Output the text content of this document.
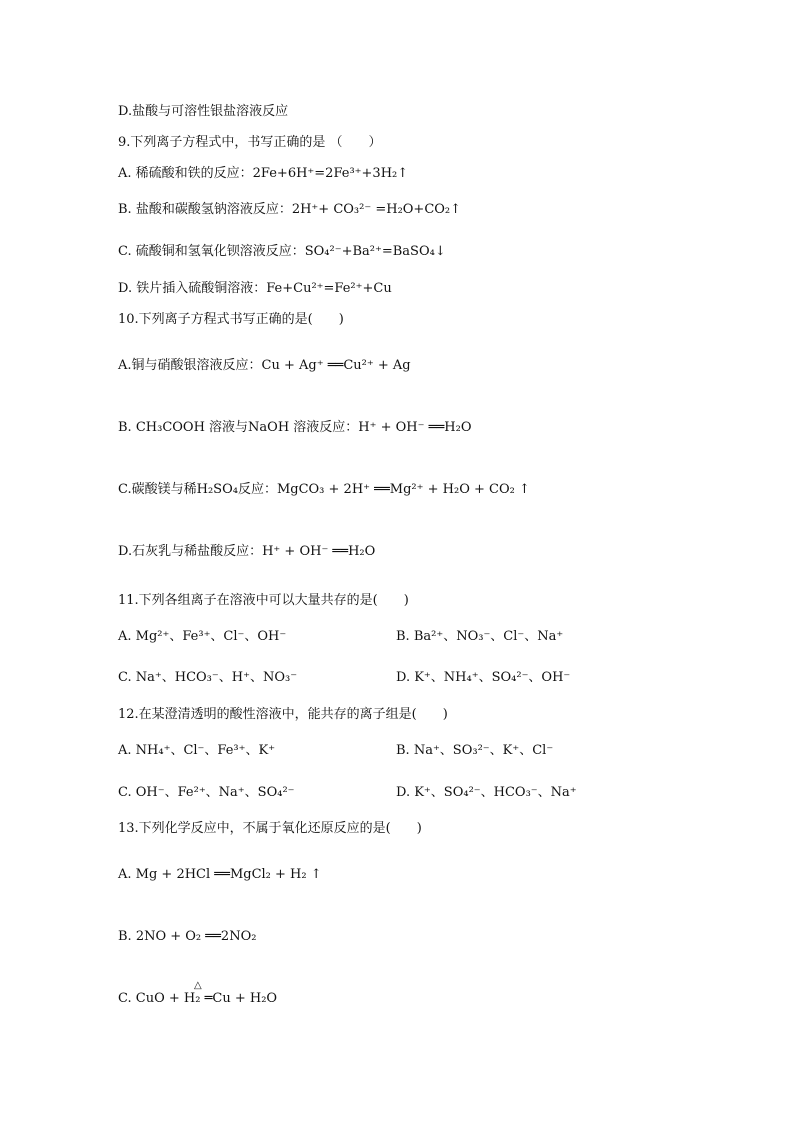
D.盐酸与可溶性银盐溶液反应
9.下列离子方程式中，书写正确的是 （　　）
A. 稀硫酸和铁的反应：2Fe+6H⁺=2Fe³⁺+3H₂↑
B. 盐酸和碳酸氢钠溶液反应：2H⁺+ CO₃²⁻ =H₂O+CO₂↑
C. 硫酸铜和氢氧化钡溶液反应：SO₄²⁻+Ba²⁺=BaSO₄↓
D. 铁片插入硫酸铜溶液：Fe+Cu²⁺=Fe²⁺+Cu
10.下列离子方程式书写正确的是(　　)
A.铜与硝酸银溶液反应：Cu + Ag⁺ ══Cu²⁺ + Ag
B. CH₃COOH 溶液与NaOH 溶液反应：H⁺ + OH⁻ ══H₂O
C.碳酸镁与稀H₂SO₄反应：MgCO₃ + 2H⁺ ══Mg²⁺ + H₂O + CO₂ ↑
D.石灰乳与稀盐酸反应：H⁺ + OH⁻ ══H₂O
11.下列各组离子在溶液中可以大量共存的是(　　)
A. Mg²⁺、Fe³⁺、Cl⁻、OH⁻	B. Ba²⁺、NO₃⁻、Cl⁻、Na⁺
C. Na⁺、HCO₃⁻、H⁺、NO₃⁻	D. K⁺、NH₄⁺、SO₄²⁻、OH⁻
12.在某澄清透明的酸性溶液中，能共存的离子组是(　　)
A. NH₄⁺、Cl⁻、Fe³⁺、K⁺	B. Na⁺、SO₃²⁻、K⁺、Cl⁻
C. OH⁻、Fe²⁺、Na⁺、SO₄²⁻	D. K⁺、SO₄²⁻、HCO₃⁻、Na⁺
13.下列化学反应中，不属于氧化还原反应的是(　　)
A. Mg + 2HCl ══MgCl₂ + H₂ ↑
B. 2NO + O₂ ══2NO₂
C. CuO + H₂ ═Cu + H₂O
△
